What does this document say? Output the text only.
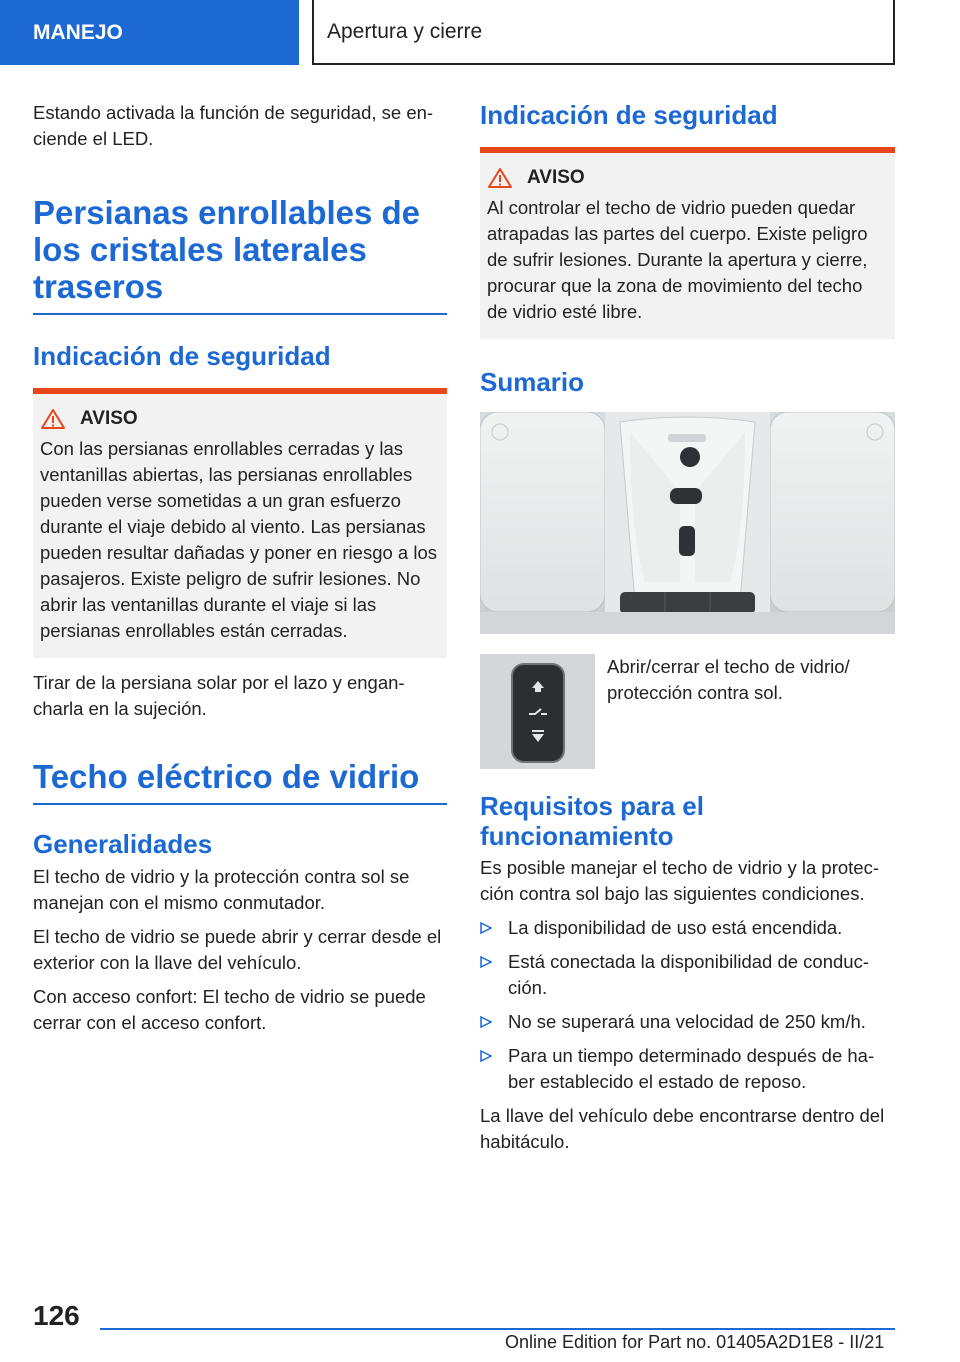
MANEJO	Apertura y cierre

Estando activada la función de seguridad, se en-ciende el LED.

Persianas enrollables de los cristales laterales traseros
Indicación de seguridad
AVISO

Con las persianas enrollables cerradas y las ventanillas abiertas, las persianas enrollables pueden verse sometidas a un gran esfuerzo durante el viaje debido al viento. Las persianas pueden resultar dañadas y poner en riesgo a los pasajeros. Existe peligro de sufrir lesiones. No abrir las ventanillas durante el viaje si las persianas enrollables están cerradas.

Tirar de la persiana solar por el lazo y engan-charla en la sujeción.

Techo eléctrico de vidrio
Generalidades

El techo de vidrio y la protección contra sol se manejan con el mismo conmutador.

El techo de vidrio se puede abrir y cerrar desde el exterior con la llave del vehículo.

Con acceso confort: El techo de vidrio se puede cerrar con el acceso confort.

Indicación de seguridad
AVISO

Al controlar el techo de vidrio pueden quedar atrapadas las partes del cuerpo. Existe peligro de sufrir lesiones. Durante la apertura y cierre, procurar que la zona de movimiento del techo de vidrio esté libre.

Sumario

Abrir/cerrar el techo de vidrio/ protección contra sol.

Requisitos para el funcionamiento

Es posible manejar el techo de vidrio y la protec-ción contra sol bajo las siguientes condiciones.

La disponibilidad de uso está encendida.
Está conectada la disponibilidad de conduc-ción.
No se superará una velocidad de 250 km/h.
Para un tiempo determinado después de ha-ber establecido el estado de reposo.

La llave del vehículo debe encontrarse dentro del habitáculo.

126
Online Edition for Part no. 01405A2D1E8 - II/21
